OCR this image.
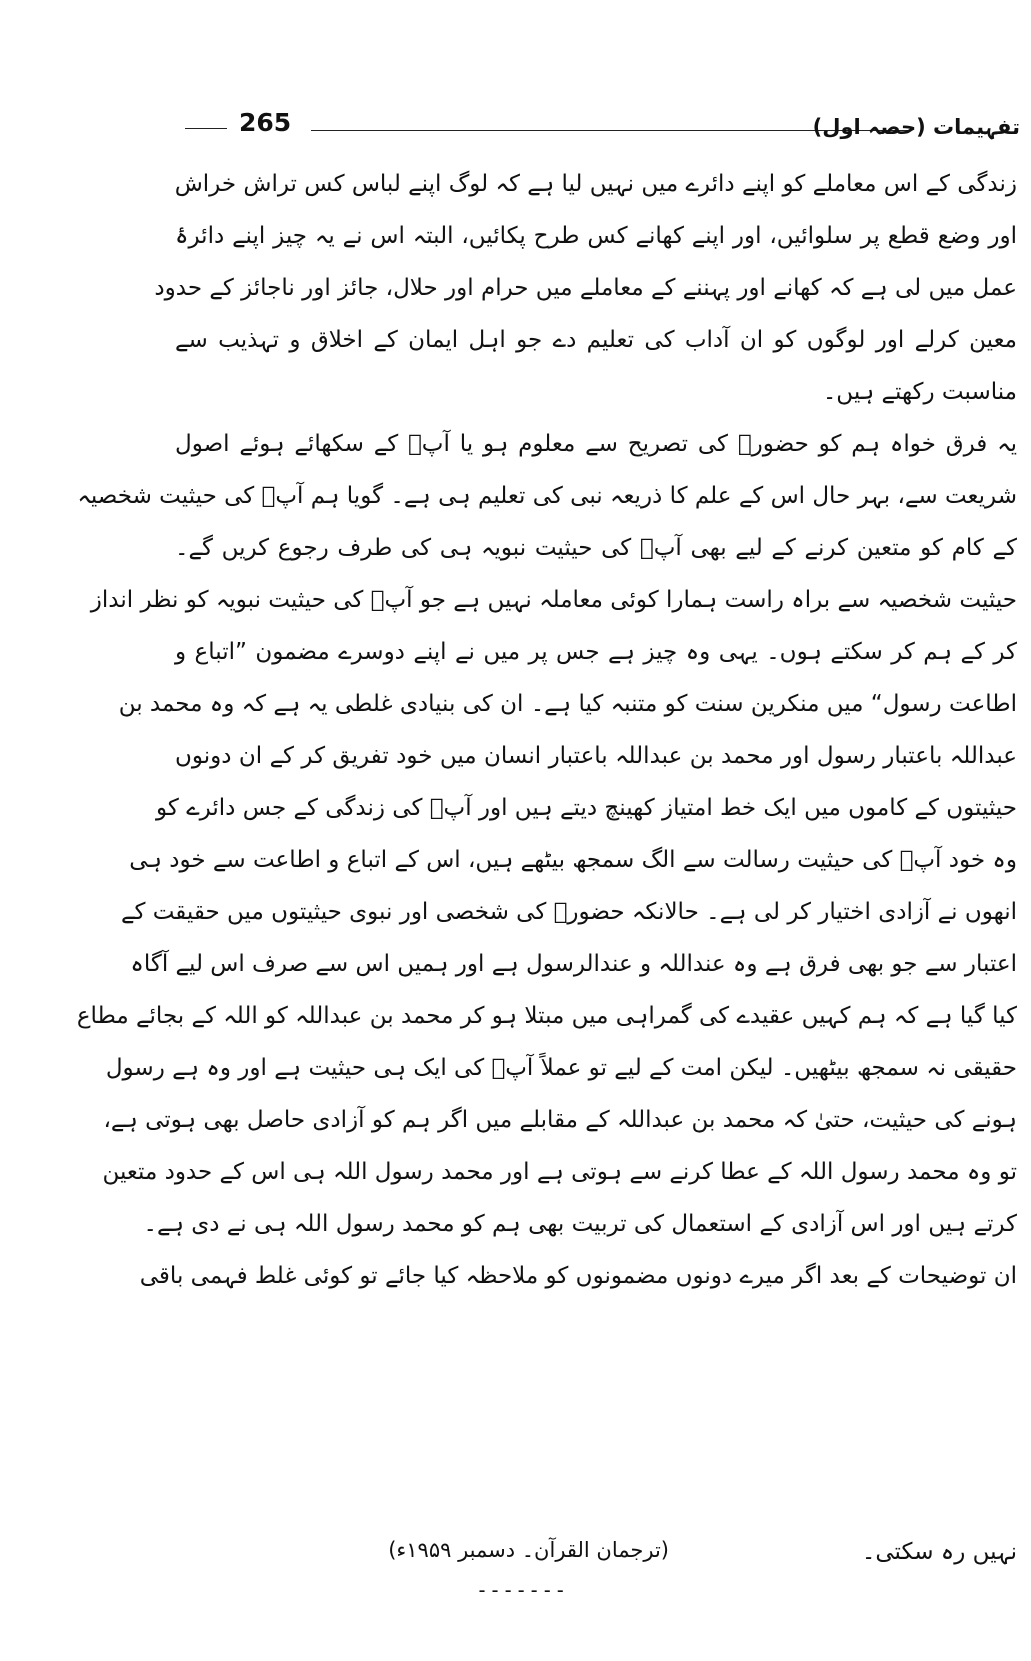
265	تفہیمات (حصہ اول)
زندگی کے اس معاملے کو اپنے دائرے میں نہیں لیا ہے کہ لوگ اپنے لباس کس تراش خراش
اور وضع قطع پر سلوائیں، اور اپنے کھانے کس طرح پکائیں، البتہ اس نے یہ چیز اپنے دائرۂ
عمل میں لی ہے کہ کھانے اور پہننے کے معاملے میں حرام اور حلال، جائز اور ناجائز کے حدود
معین کرلے اور لوگوں کو ان آداب کی تعلیم دے جو اہل ایمان کے اخلاق و تہذیب سے
مناسبت رکھتے ہیں۔
یہ فرق خواہ ہم کو حضورؐ کی تصریح سے معلوم ہو یا آپؐ کے سکھائے ہوئے اصول
شریعت سے، بہر حال اس کے علم کا ذریعہ نبی کی تعلیم ہی ہے۔ گویا ہم آپؐ کی حیثیت شخصیہ
کے کام کو متعین کرنے کے لیے بھی آپؐ کی حیثیت نبویہ ہی کی طرف رجوع کریں گے۔
حیثیت شخصیہ سے براہ راست ہمارا کوئی معاملہ نہیں ہے جو آپؐ کی حیثیت نبویہ کو نظر انداز
کر کے ہم کر سکتے ہوں۔ یہی وہ چیز ہے جس پر میں نے اپنے دوسرے مضمون ”اتباع و
اطاعت رسول“ میں منکرین سنت کو متنبہ کیا ہے۔ ان کی بنیادی غلطی یہ ہے کہ وہ محمد بن
عبداللہ باعتبار رسول اور محمد بن عبداللہ باعتبار انسان میں خود تفریق کر کے ان دونوں
حیثیتوں کے کاموں میں ایک خط امتیاز کھینچ دیتے ہیں اور آپؐ کی زندگی کے جس دائرے کو
وہ خود آپؐ کی حیثیت رسالت سے الگ سمجھ بیٹھے ہیں، اس کے اتباع و اطاعت سے خود ہی
انھوں نے آزادی اختیار کر لی ہے۔ حالانکہ حضورؐ کی شخصی اور نبوی حیثیتوں میں حقیقت کے
اعتبار سے جو بھی فرق ہے وہ عنداللہ و عندالرسول ہے اور ہمیں اس سے صرف اس لیے آگاہ
کیا گیا ہے کہ ہم کہیں عقیدے کی گمراہی میں مبتلا ہو کر محمد بن عبداللہ کو اللہ کے بجائے مطاع
حقیقی نہ سمجھ بیٹھیں۔ لیکن امت کے لیے تو عملاً آپؐ کی ایک ہی حیثیت ہے اور وہ ہے رسول
ہونے کی حیثیت، حتیٰ کہ محمد بن عبداللہ کے مقابلے میں اگر ہم کو آزادی حاصل بھی ہوتی ہے،
تو وہ محمد رسول اللہ کے عطا کرنے سے ہوتی ہے اور محمد رسول اللہ ہی اس کے حدود متعین
کرتے ہیں اور اس آزادی کے استعمال کی تربیت بھی ہم کو محمد رسول اللہ ہی نے دی ہے۔
ان توضیحات کے بعد اگر میرے دونوں مضمونوں کو ملاحظہ کیا جائے تو کوئی غلط فہمی باقی
نہیں رہ سکتی۔
(ترجمان القرآن۔ دسمبر ۱۹۵۹ء)
-------
